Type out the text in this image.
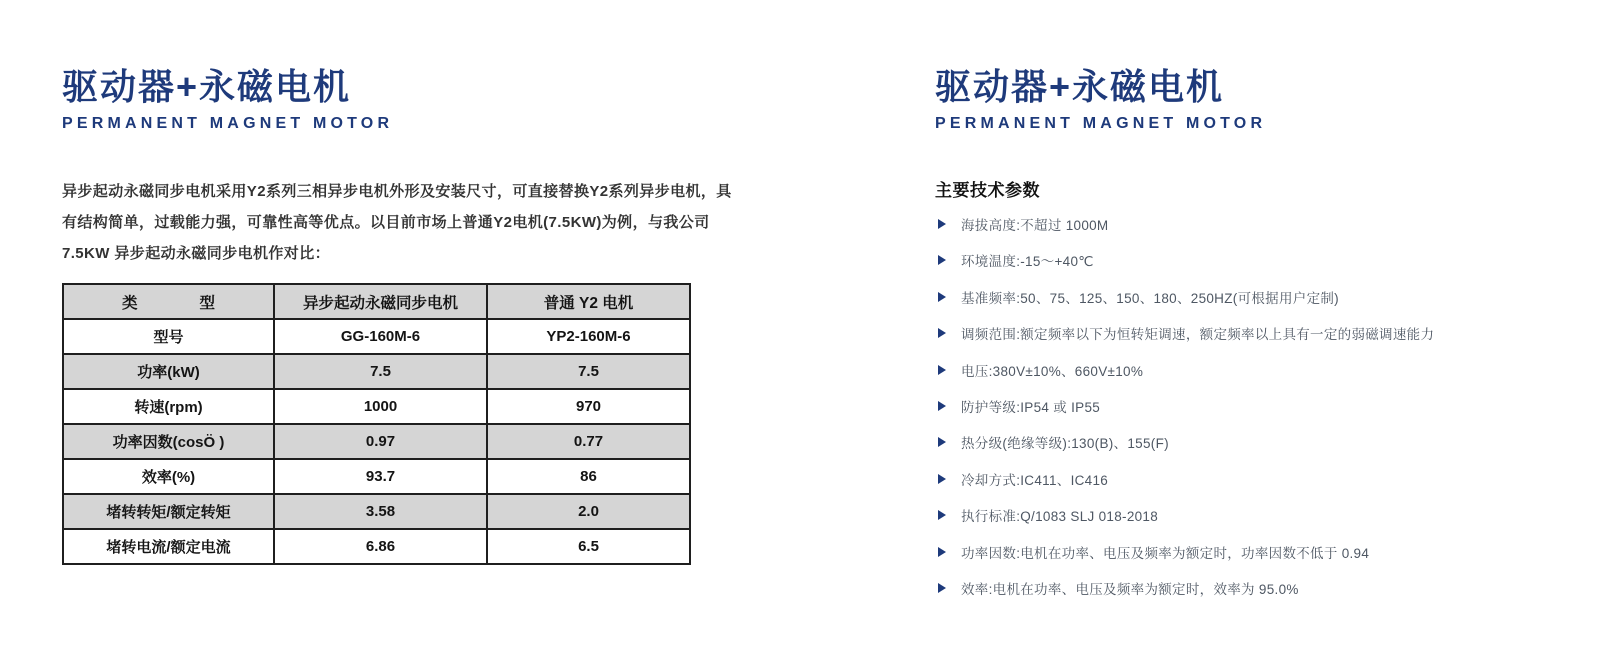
驱动器+永磁电机
PERMANENT MAGNET MOTOR
异步起动永磁同步电机采用Y2系列三相异步电机外形及安装尺寸，可直接替换Y2系列异步电机，具
有结构简单，过载能力强，可靠性高等优点。以目前市场上普通Y2电机(7.5KW)为例，与我公司
7.5KW 异步起动永磁同步电机作对比：
类　　　　型	异步起动永磁同步电机	普通 Y2 电机
型号	GG-160M-6	YP2-160M-6
功率(kW)	7.5	7.5
转速(rpm)	1000	970
功率因数(cosÖ )	0.97	0.77
效率(%)	93.7	86
堵转转矩/额定转矩	3.58	2.0
堵转电流/额定电流	6.86	6.5
驱动器+永磁电机
PERMANENT MAGNET MOTOR
主要技术参数
海拔高度:不超过 1000M
环境温度:-15～+40℃
基准频率:50、75、125、150、180、250HZ(可根据用户定制)
调频范围:额定频率以下为恒转矩调速，额定频率以上具有一定的弱磁调速能力
电压:380V±10%、660V±10%
防护等级:IP54 或 IP55
热分级(绝缘等级):130(B)、155(F)
冷却方式:IC411、IC416
执行标准:Q/1083 SLJ 018-2018
功率因数:电机在功率、电压及频率为额定时，功率因数不低于 0.94
效率:电机在功率、电压及频率为额定时，效率为 95.0%
